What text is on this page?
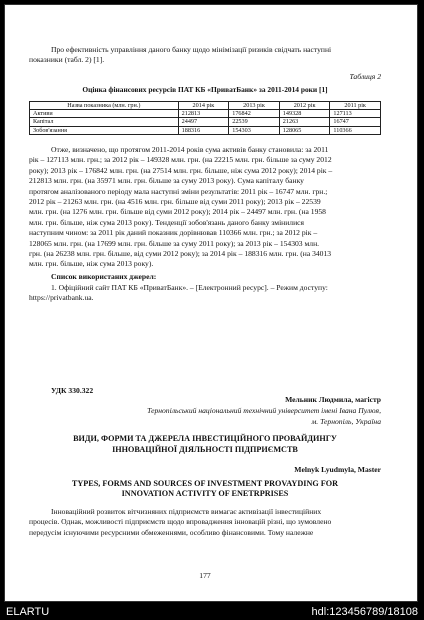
Про ефективність управління даного банку щодо мінімізації ризиків свідчать наступні
показники (табл. 2) [1].
Таблиця 2
Оцінка фінансових ресурсів ПАТ КБ «ПриватБанк» за 2011-2014 роки [1]
Назва показника (млн. грн.)	2014 рік	2013 рік	2012 рік	2011 рік
Активи	212813	176842	149328	127113
Капітал	24497	22539	21263	16747
Зобов'язання	188316	154303	128065	110366
Отже, визначено, що протягом 2011-2014 років сума активів банку становила: за 2011
рік – 127113 млн. грн.; за 2012 рік – 149328 млн. грн. (на 22215 млн. грн. більше за суму 2012
року); 2013 рік – 176842 млн. грн. (на 27514 млн. грн. більше, ніж сума 2012 року); 2014 рік –
212813 млн. грн. (на 35971 млн. грн. більше за суму 2013 року). Сума капіталу банку
протягом аналізованого періоду мала наступні зміни результатів: 2011 рік – 16747 млн. грн.;
2012 рік – 21263 млн. грн. (на 4516 млн. грн. більше від суми 2011 року); 2013 рік – 22539
млн. грн. (на 1276 млн. грн. більше від суми 2012 року); 2014 рік – 24497 млн. грн. (на 1958
млн. грн. більше, ніж сума 2013 року). Тенденції зобов'язань даного банку змінилися
наступним чином: за 2011 рік даний показник дорівнював 110366 млн. грн.; за 2012 рік –
128065 млн. грн. (на 17699 млн. грн. більше за суму 2011 року); за 2013 рік – 154303 млн.
грн. (на 26238 млн. грн. більше, від суми 2012 року); за 2014 рік – 188316 млн. грн. (на 34013
млн. грн. більше, ніж сума 2013 року).
Список використаних джерел:
1. Офіційний сайт ПАТ КБ «ПриватБанк». – [Електронний ресурс]. – Режим доступу:
https://privatbank.ua.
УДК 330.322
Мельник Людмила, магістр
Тернопільський національний технічний університет імені Івана Пулюя,
м. Тернопіль, Україна
ВИДИ, ФОРМИ ТА ДЖЕРЕЛА ІНВЕСТИЦІЙНОГО ПРОВАЙДИНГУ
ІННОВАЦІЙНОЇ ДІЯЛЬНОСТІ ПІДПРИЄМСТВ
Melnyk Lyudmyla, Master
TYPES, FORMS AND SOURCES OF INVESTMENT PROVAYDING FOR
INNOVATION ACTIVITY OF ENETRPRISES
Інноваційний розвиток вітчизняних підприємств вимагає активізації інвестиційних
процесів. Однак, можливості підприємств щодо впровадження інновацій різні, що зумовлено
передусім існуючими ресурсними обмеженнями, особливо фінансовими. Тому належне
177
ELARTU	hdl:123456789/18108
